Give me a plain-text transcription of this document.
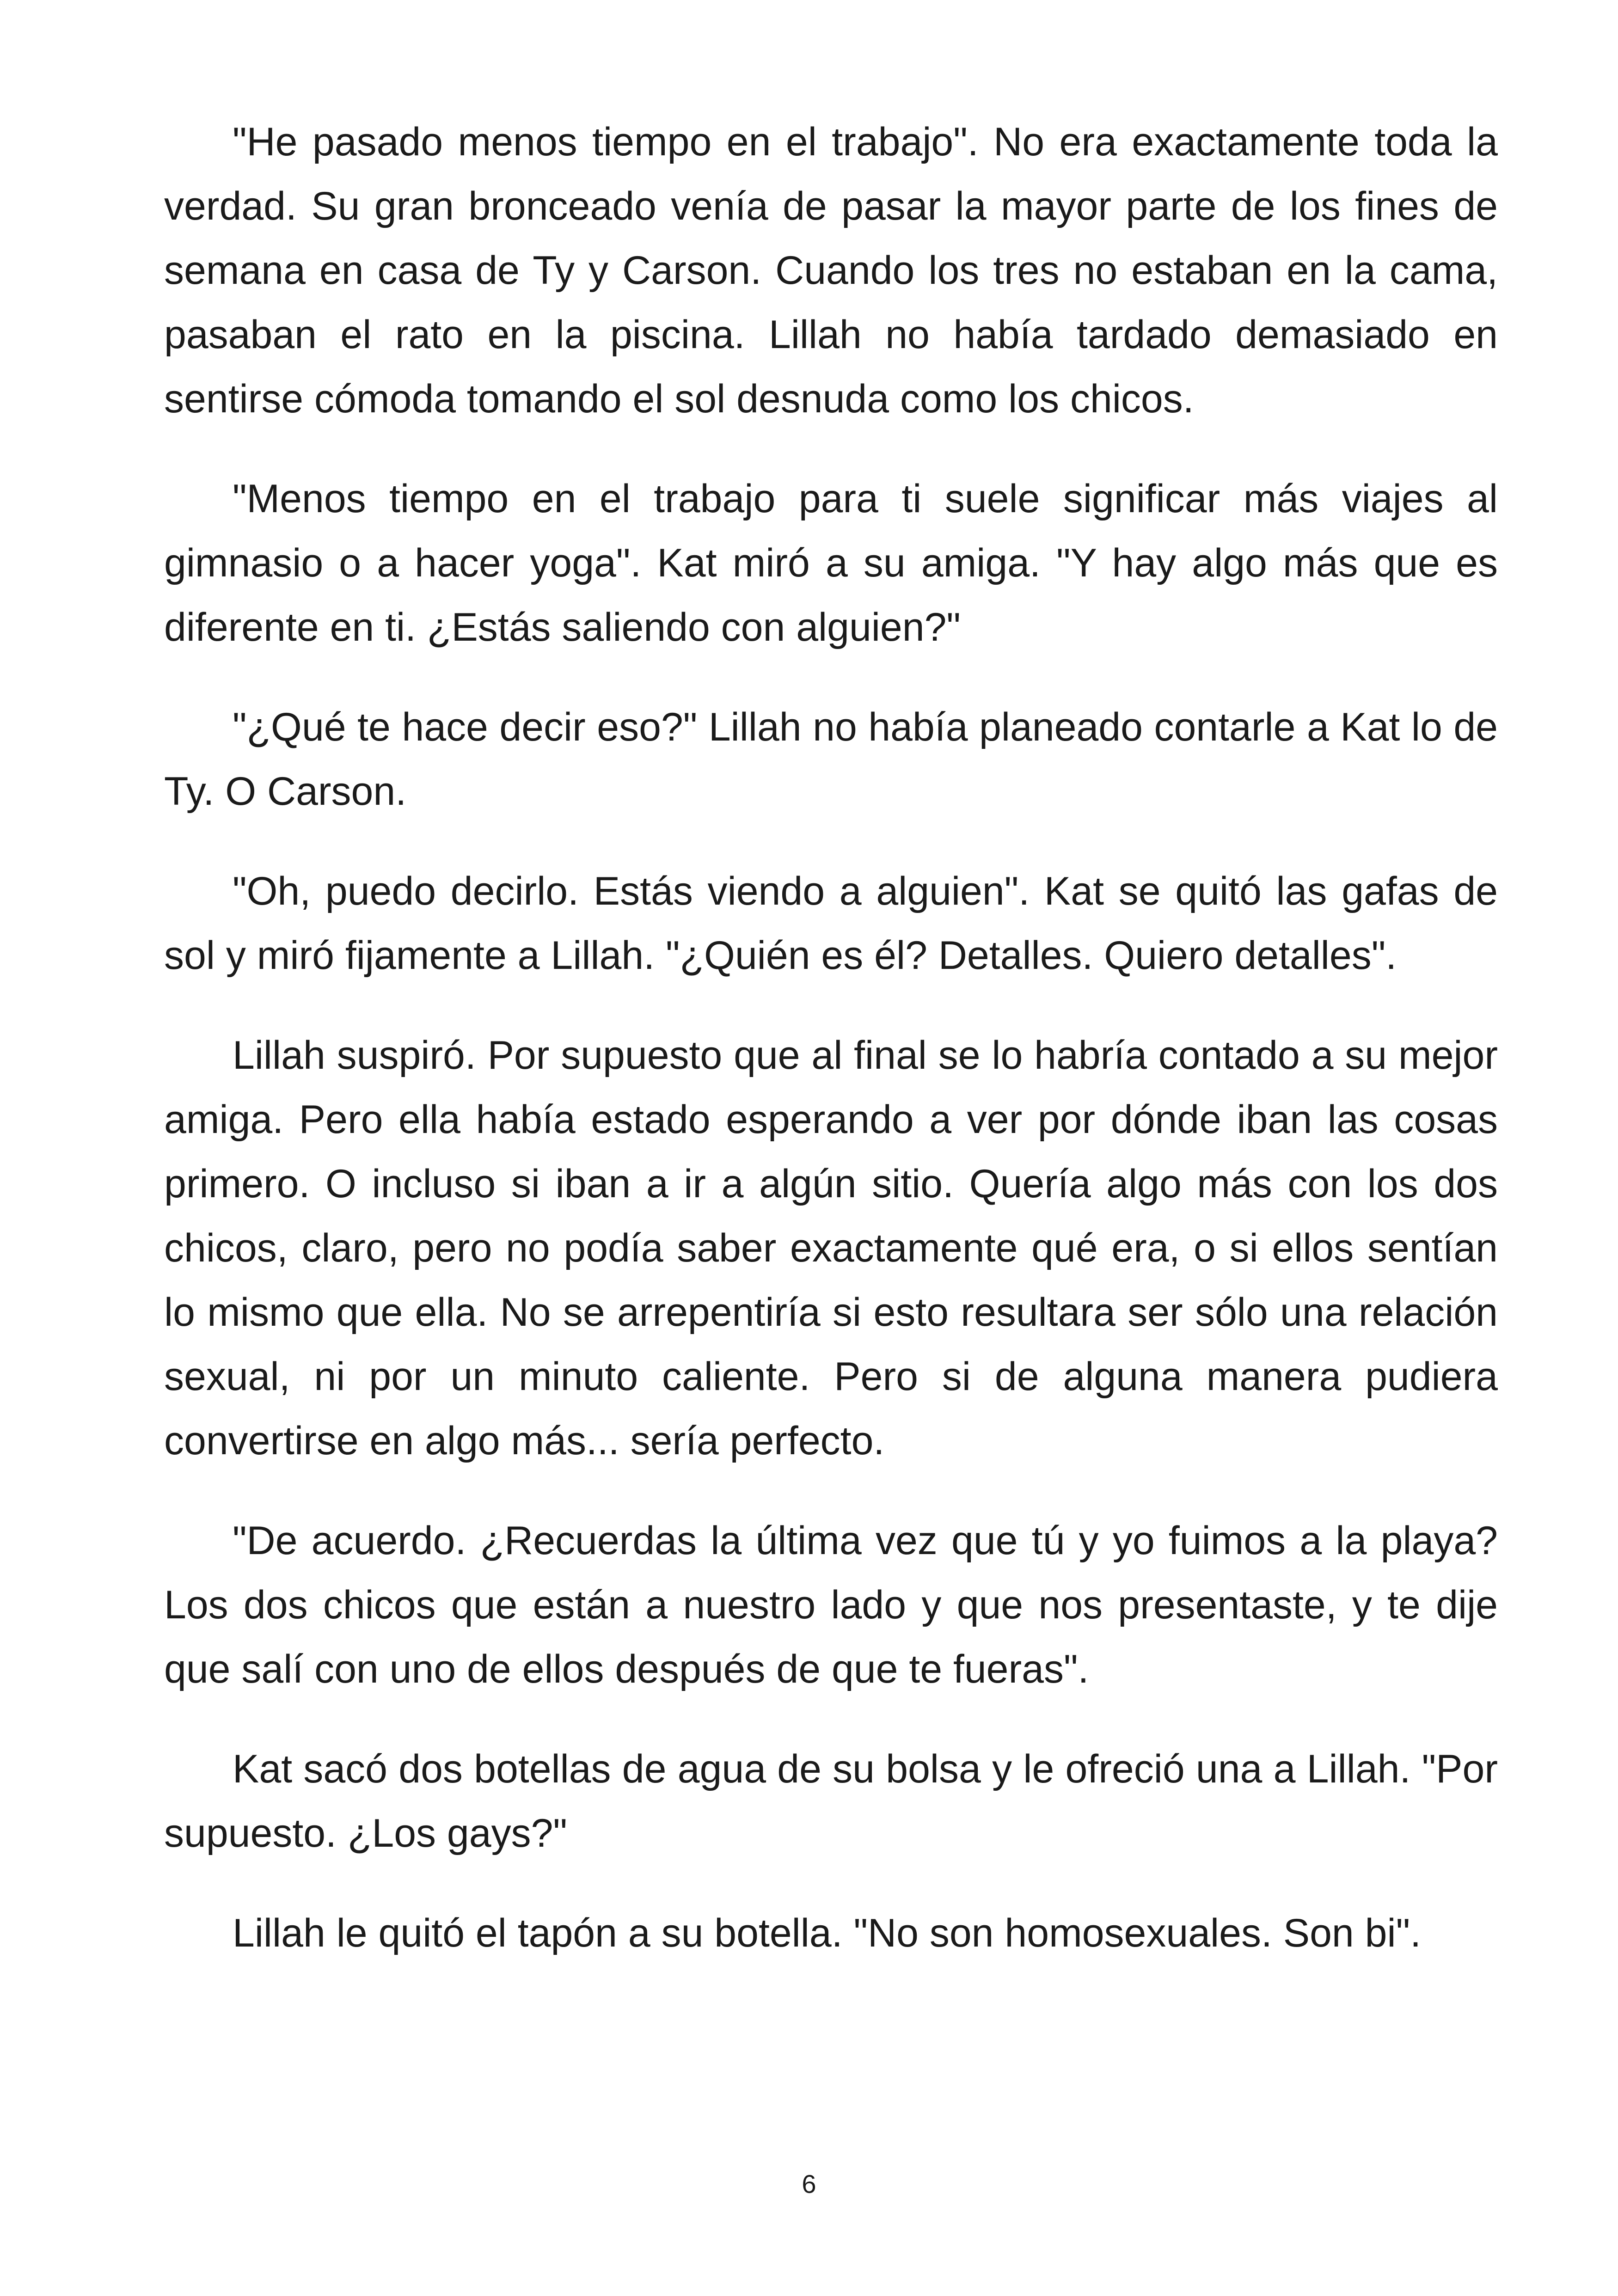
"He pasado menos tiempo en el trabajo". No era exactamente toda la verdad. Su gran bronceado venía de pasar la mayor parte de los fines de semana en casa de Ty y Carson. Cuando los tres no estaban en la cama, pasaban el rato en la piscina. Lillah no había tardado demasiado en sentirse cómoda tomando el sol desnuda como los chicos.

"Menos tiempo en el trabajo para ti suele significar más viajes al gimnasio o a hacer yoga". Kat miró a su amiga. "Y hay algo más que es diferente en ti. ¿Estás saliendo con alguien?"

"¿Qué te hace decir eso?" Lillah no había planeado contarle a Kat lo de Ty. O Carson.

"Oh, puedo decirlo. Estás viendo a alguien". Kat se quitó las gafas de sol y miró fijamente a Lillah. "¿Quién es él? Detalles. Quiero detalles".

Lillah suspiró. Por supuesto que al final se lo habría contado a su mejor amiga. Pero ella había estado esperando a ver por dónde iban las cosas primero. O incluso si iban a ir a algún sitio. Quería algo más con los dos chicos, claro, pero no podía saber exactamente qué era, o si ellos sentían lo mismo que ella. No se arrepentiría si esto resultara ser sólo una relación sexual, ni por un minuto caliente. Pero si de alguna manera pudiera convertirse en algo más... sería perfecto.

"De acuerdo. ¿Recuerdas la última vez que tú y yo fuimos a la playa? Los dos chicos que están a nuestro lado y que nos presentaste, y te dije que salí con uno de ellos después de que te fueras".

Kat sacó dos botellas de agua de su bolsa y le ofreció una a Lillah. "Por supuesto. ¿Los gays?"

Lillah le quitó el tapón a su botella. "No son homosexuales. Son bi".

6
